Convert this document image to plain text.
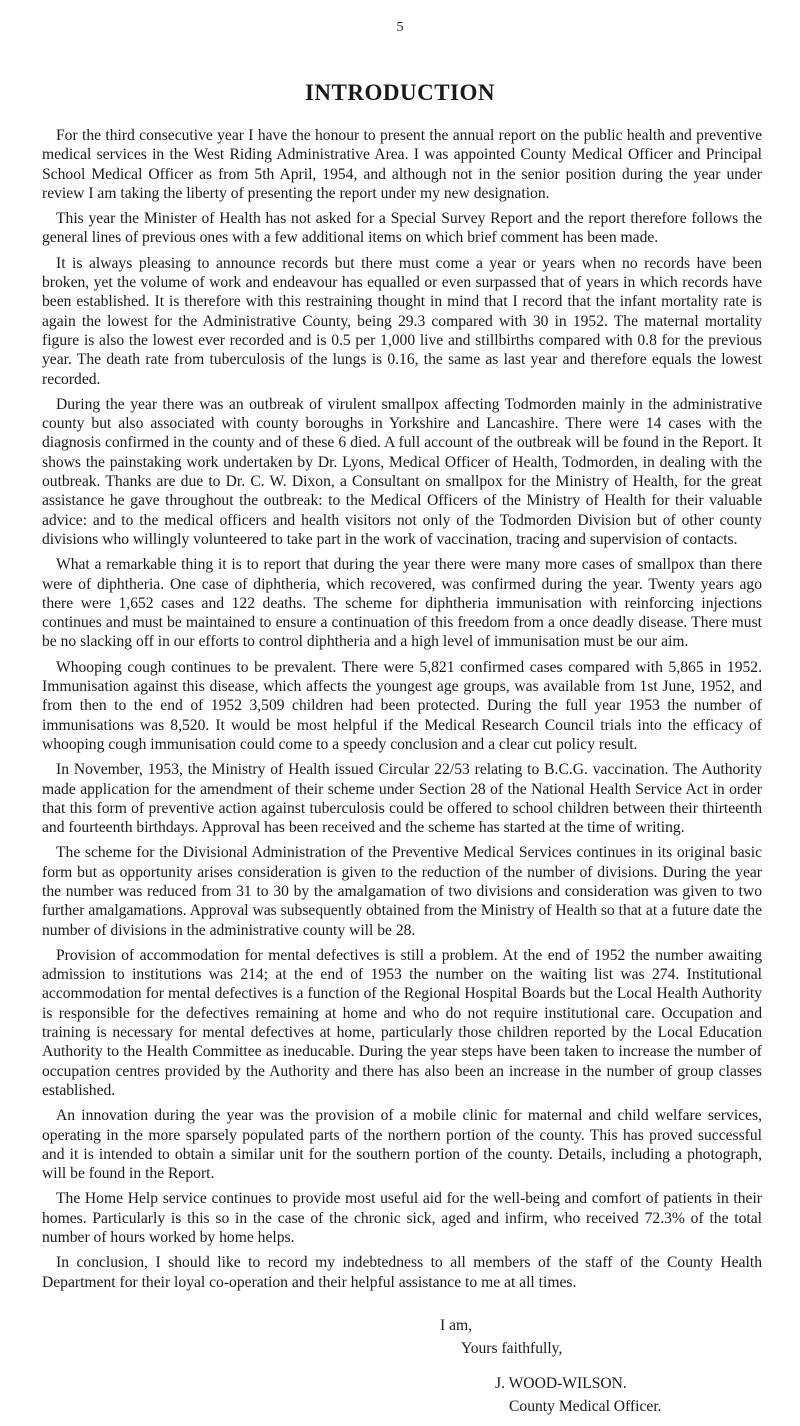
5
INTRODUCTION

For the third consecutive year I have the honour to present the annual report on the public health and preventive medical services in the West Riding Administrative Area. I was appointed County Medical Officer and Principal School Medical Officer as from 5th April, 1954, and although not in the senior position during the year under review I am taking the liberty of presenting the report under my new designation.

This year the Minister of Health has not asked for a Special Survey Report and the report therefore follows the general lines of previous ones with a few additional items on which brief comment has been made.

It is always pleasing to announce records but there must come a year or years when no records have been broken, yet the volume of work and endeavour has equalled or even surpassed that of years in which records have been established. It is therefore with this restraining thought in mind that I record that the infant mortality rate is again the lowest for the Administrative County, being 29.3 compared with 30 in 1952. The maternal mortality figure is also the lowest ever recorded and is 0.5 per 1,000 live and stillbirths compared with 0.8 for the previous year. The death rate from tuberculosis of the lungs is 0.16, the same as last year and therefore equals the lowest recorded.

During the year there was an outbreak of virulent smallpox affecting Todmorden mainly in the administrative county but also associated with county boroughs in Yorkshire and Lancashire. There were 14 cases with the diagnosis confirmed in the county and of these 6 died. A full account of the outbreak will be found in the Report. It shows the painstaking work undertaken by Dr. Lyons, Medical Officer of Health, Todmorden, in dealing with the outbreak. Thanks are due to Dr. C. W. Dixon, a Consultant on smallpox for the Ministry of Health, for the great assistance he gave throughout the outbreak: to the Medical Officers of the Ministry of Health for their valuable advice: and to the medical officers and health visitors not only of the Todmorden Division but of other county divisions who willingly volunteered to take part in the work of vaccination, tracing and supervision of contacts.

What a remarkable thing it is to report that during the year there were many more cases of smallpox than there were of diphtheria. One case of diphtheria, which recovered, was confirmed during the year. Twenty years ago there were 1,652 cases and 122 deaths. The scheme for diphtheria immunisation with reinforcing injections continues and must be maintained to ensure a continuation of this freedom from a once deadly disease. There must be no slacking off in our efforts to control diphtheria and a high level of immunisation must be our aim.

Whooping cough continues to be prevalent. There were 5,821 confirmed cases compared with 5,865 in 1952. Immunisation against this disease, which affects the youngest age groups, was available from 1st June, 1952, and from then to the end of 1952 3,509 children had been protected. During the full year 1953 the number of immunisations was 8,520. It would be most helpful if the Medical Research Council trials into the efficacy of whooping cough immunisation could come to a speedy conclusion and a clear cut policy result.

In November, 1953, the Ministry of Health issued Circular 22/53 relating to B.C.G. vaccination. The Authority made application for the amendment of their scheme under Section 28 of the National Health Service Act in order that this form of preventive action against tuberculosis could be offered to school children between their thirteenth and fourteenth birthdays. Approval has been received and the scheme has started at the time of writing.

The scheme for the Divisional Administration of the Preventive Medical Services continues in its original basic form but as opportunity arises consideration is given to the reduction of the number of divisions. During the year the number was reduced from 31 to 30 by the amalgamation of two divisions and consideration was given to two further amalgamations. Approval was subsequently obtained from the Ministry of Health so that at a future date the number of divisions in the administrative county will be 28.

Provision of accommodation for mental defectives is still a problem. At the end of 1952 the number awaiting admission to institutions was 214; at the end of 1953 the number on the waiting list was 274. Institutional accommodation for mental defectives is a function of the Regional Hospital Boards but the Local Health Authority is responsible for the defectives remaining at home and who do not require institutional care. Occupation and training is necessary for mental defectives at home, particularly those children reported by the Local Education Authority to the Health Committee as ineducable. During the year steps have been taken to increase the number of occupation centres provided by the Authority and there has also been an increase in the number of group classes established.

An innovation during the year was the provision of a mobile clinic for maternal and child welfare services, operating in the more sparsely populated parts of the northern portion of the county. This has proved successful and it is intended to obtain a similar unit for the southern portion of the county. Details, including a photograph, will be found in the Report.

The Home Help service continues to provide most useful aid for the well-being and comfort of patients in their homes. Particularly is this so in the case of the chronic sick, aged and infirm, who received 72.3% of the total number of hours worked by home helps.

In conclusion, I should like to record my indebtedness to all members of the staff of the County Health Department for their loyal co-operation and their helpful assistance to me at all times.

I am,
Yours faithfully,
J. WOOD-WILSON.
County Medical Officer.
